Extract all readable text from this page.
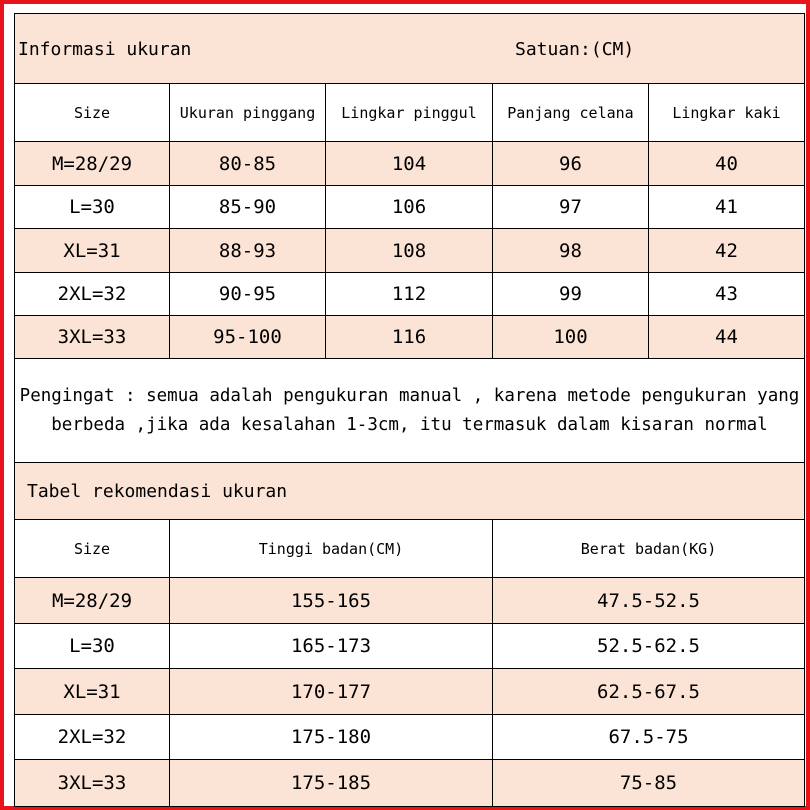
Informasi ukuran	Satuan:(CM)
Size	Ukuran pinggang	Lingkar pinggul	Panjang celana	Lingkar kaki
M=28/29	80-85	104	96	40
L=30	85-90	106	97	41
XL=31	88-93	108	98	42
2XL=32	90-95	112	99	43
3XL=33	95-100	116	100	44
Pengingat : semua adalah pengukuran manual , karena metode pengukuran yang
berbeda ,jika ada kesalahan 1-3cm, itu termasuk dalam kisaran normal
Tabel rekomendasi ukuran
Size	Tinggi badan(CM)	Berat badan(KG)
M=28/29	155-165	47.5-52.5
L=30	165-173	52.5-62.5
XL=31	170-177	62.5-67.5
2XL=32	175-180	67.5-75
3XL=33	175-185	75-85
